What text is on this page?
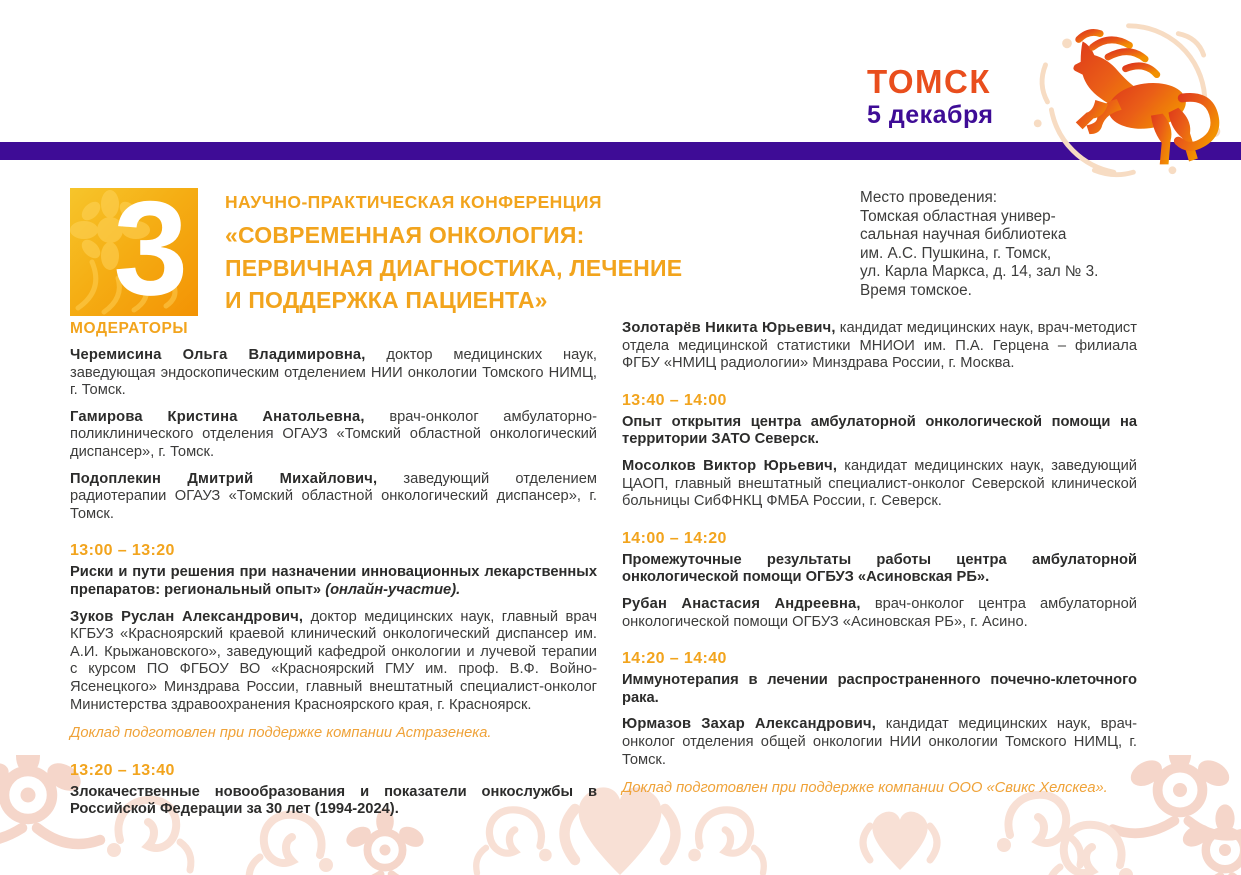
ТОМСК
5 декабря
3 НАУЧНО-ПРАКТИЧЕСКАЯ КОНФЕРЕНЦИЯ
«СОВРЕМЕННАЯ ОНКОЛОГИЯ:
ПЕРВИЧНАЯ ДИАГНОСТИКА, ЛЕЧЕНИЕ
И ПОДДЕРЖКА ПАЦИЕНТА»
Место проведения:
Томская областная универ-
сальная научная библиотека
им. А.С. Пушкина, г. Томск,
ул. Карла Маркса, д. 14, зал № 3.
Время томское.
МОДЕРАТОРЫ

Черемисина Ольга Владимировна, доктор медицинских наук, заведующая эндоскопическим отделением НИИ онкологии Томского НИМЦ, г. Томск.

Гамирова Кристина Анатольевна, врач-онколог амбулаторно-поликлинического отделения ОГАУЗ «Томский областной онкологический диспансер», г. Томск.

Подоплекин Дмитрий Михайлович, заведующий отделением радиотерапии ОГАУЗ «Томский областной онкологический диспансер», г. Томск.

13:00 – 13:20

Риски и пути решения при назначении инновационных лекарственных препаратов: региональный опыт» (онлайн-участие).

Зуков Руслан Александрович, доктор медицинских наук, главный врач КГБУЗ «Красноярский краевой клинический онкологический диспансер им. А.И. Крыжановского», заведующий кафедрой онкологии и лучевой терапии с курсом ПО ФГБОУ ВО «Красноярский ГМУ им. проф. В.Ф. Войно-Ясенецкого» Минздрава России, главный внештатный специалист-онколог Министерства здравоохранения Красноярского края, г. Красноярск.

Доклад подготовлен при поддержке компании Астразенека.

13:20 – 13:40

Злокачественные новообразования и показатели онкослужбы в Российской Федерации за 30 лет (1994-2024).

Золотарёв Никита Юрьевич, кандидат медицинских наук, врач-методист отдела медицинской статистики МНИОИ им. П.А. Герцена – филиала ФГБУ «НМИЦ радиологии» Минздрава России, г. Москва.

13:40 – 14:00

Опыт открытия центра амбулаторной онкологической помощи на территории ЗАТО Северск.

Мосолков Виктор Юрьевич, кандидат медицинских наук, заведующий ЦАОП, главный внештатный специалист-онколог Северской клинической больницы СибФНКЦ ФМБА России, г. Северск.

14:00 – 14:20

Промежуточные результаты работы центра амбулаторной онкологической помощи ОГБУЗ «Асиновская РБ».

Рубан Анастасия Андреевна, врач-онколог центра амбулаторной онкологической помощи ОГБУЗ «Асиновская РБ», г. Асино.

14:20 – 14:40

Иммунотерапия в лечении распространенного почечно-клеточного рака.

Юрмазов Захар Александрович, кандидат медицинских наук, врач-онколог отделения общей онкологии НИИ онкологии Томского НИМЦ, г. Томск.

Доклад подготовлен при поддержке компании ООО «Свикс Хелскеа».
